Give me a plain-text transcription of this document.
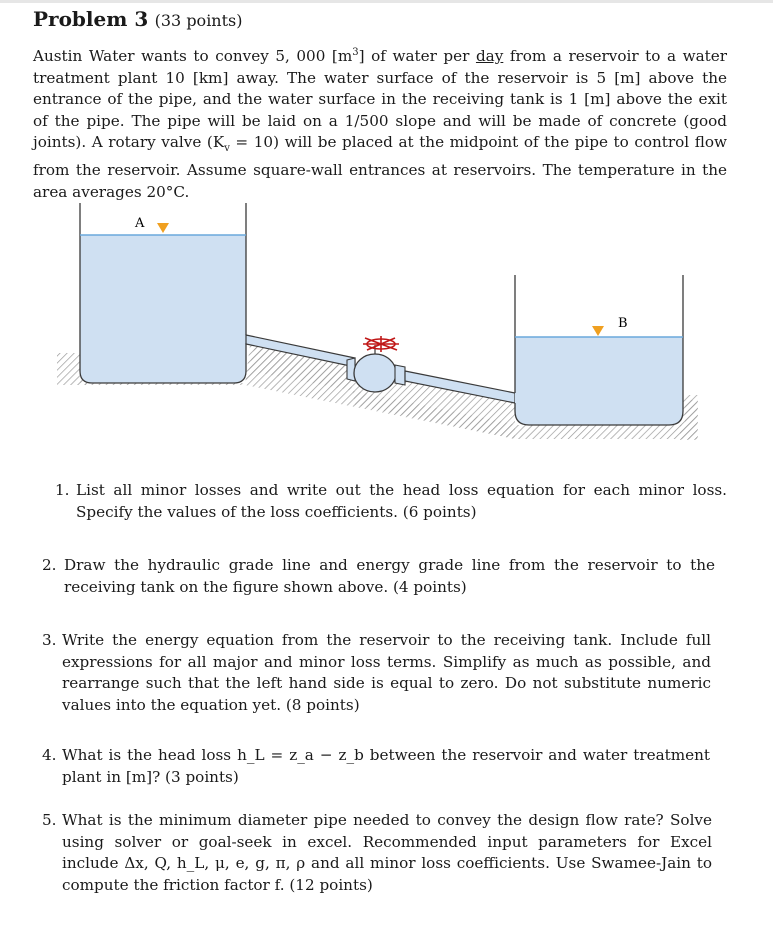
Problem 3 (33 points)

Austin Water wants to convey 5, 000 $[m^3]$ of water per day from a reservoir to a water treatment plant 10 [km] away. The water surface of the reservoir is 5 [m] above the entrance of the pipe, and the water surface in the receiving tank is 1 [m] above the exit of the pipe. The pipe will be laid on a 1/500 slope and will be made of concrete (good joints). A rotary valve $(K_v = 10)$ will be placed at the midpoint of the pipe to control flow from the reservoir. Assume square-wall entrances at reservoirs. The temperature in the area averages 20°C.

A
B
1. List all minor losses and write out the head loss equation for each minor loss. Specify the values of the loss coefficients. (6 points)
2. Draw the hydraulic grade line and energy grade line from the reservoir to the receiving tank on the figure shown above. (4 points)
3. Write the energy equation from the reservoir to the receiving tank. Include full expressions for all major and minor loss terms. Simplify as much as possible, and rearrange such that the left hand side is equal to zero. Do not substitute numeric values into the equation yet. (8 points)
4. What is the head loss h_L = z_a − z_b between the reservoir and water treatment plant in [m]? (3 points)
5. What is the minimum diameter pipe needed to convey the design flow rate? Solve using solver or goal-seek in excel. Recommended input parameters for Excel include Δx, Q, h_L, μ, e, g, π, ρ and all minor loss coefficients. Use Swamee-Jain to compute the friction factor f. (12 points)
